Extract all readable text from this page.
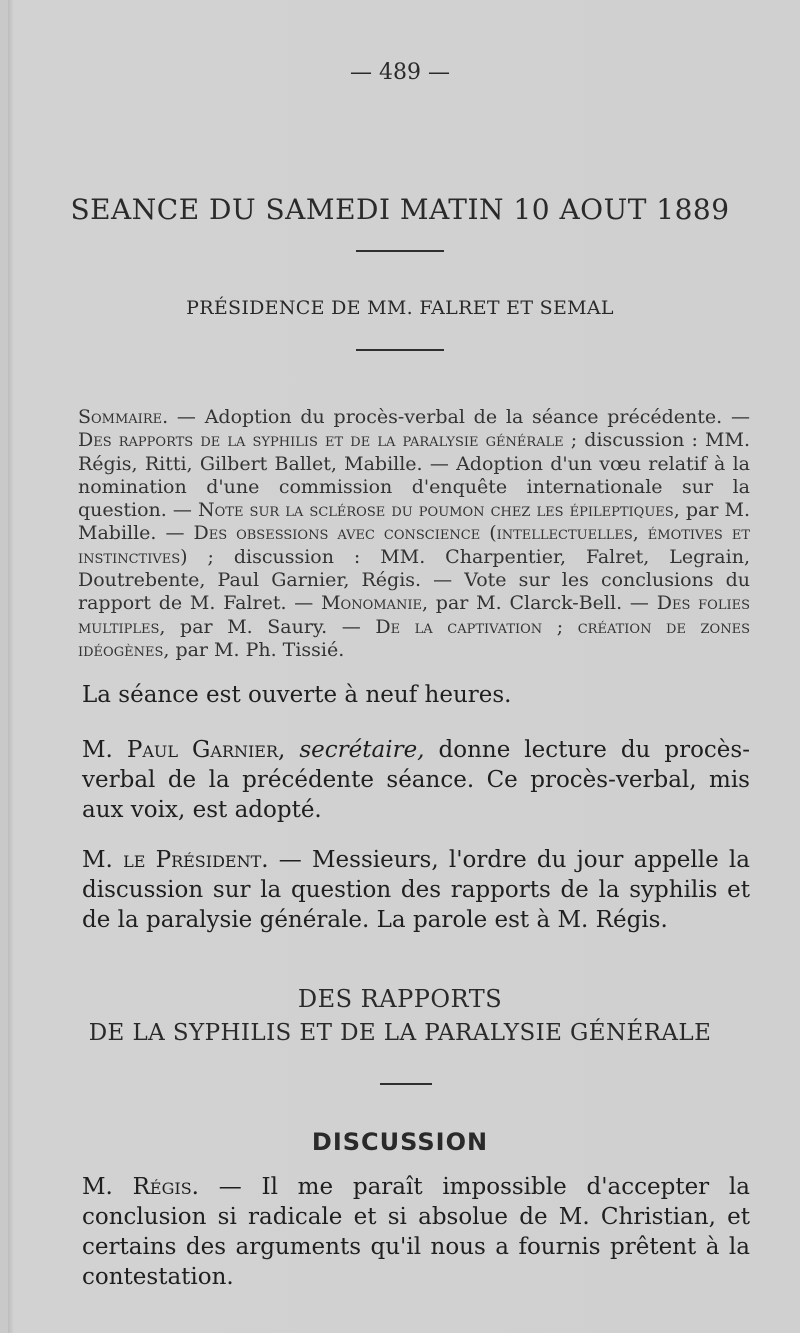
— 489 —
SEANCE DU SAMEDI MATIN 10 AOUT 1889
PRÉSIDENCE DE MM. FALRET ET SEMAL
Sommaire. — Adoption du procès-verbal de la séance précédente. — Des rapports de la syphilis et de la paralysie générale ; discussion : MM. Régis, Ritti, Gilbert Ballet, Mabille. — Adoption d'un vœu relatif à la nomination d'une commission d'enquête internationale sur la question. — Note sur la sclérose du poumon chez les épileptiques, par M. Mabille. — Des obsessions avec conscience (intellectuelles, émotives et instinctives) ; discussion : MM. Charpentier, Falret, Legrain, Doutrebente, Paul Garnier, Régis. — Vote sur les conclusions du rapport de M. Falret. — Monomanie, par M. Clarck-Bell. — Des folies multiples, par M. Saury. — De la captivation ; création de zones idéogènes, par M. Ph. Tissié.
La séance est ouverte à neuf heures.
M. Paul Garnier, secrétaire, donne lecture du procès-verbal de la précédente séance. Ce procès-verbal, mis aux voix, est adopté.
M. le Président. — Messieurs, l'ordre du jour appelle la discussion sur la question des rapports de la syphilis et de la paralysie générale. La parole est à M. Régis.
DES RAPPORTS
DE LA SYPHILIS ET DE LA PARALYSIE GÉNÉRALE
DISCUSSION
M. Régis. — Il me paraît impossible d'accepter la conclusion si radicale et si absolue de M. Christian, et certains des arguments qu'il nous a fournis prêtent à la contestation.
